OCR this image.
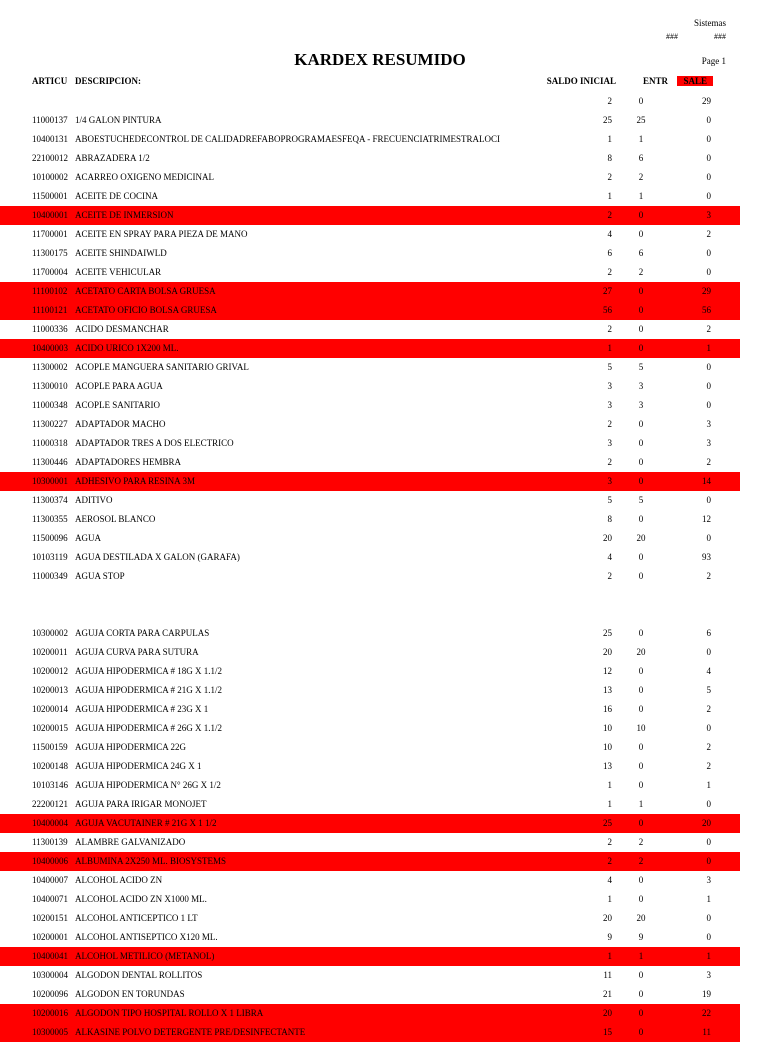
Sistemas
###	###
KARDEX RESUMIDO	Page 1
ARTICU DESCRIPCION:	SALDO INICIAL	ENTR	SALE
2	0	29
11000137 1/4 GALON PINTURA	25	25	0
10400131 ABOESTUCHEDECONTROL DE CALIDADREFABOPROGRAMAESFEQA - FRECUENCIATRIMESTRALOCI	1	1	0
22100012 ABRAZADERA 1/2	8	6	0
10100002 ACARREO OXIGENO MEDICINAL	2	2	0
11500001 ACEITE DE COCINA	1	1	0
10400001 ACEITE DE INMERSION	2	0	3
11700001 ACEITE EN SPRAY PARA PIEZA DE MANO	4	0	2
11300175 ACEITE SHINDAIWLD	6	6	0
11700004 ACEITE VEHICULAR	2	2	0
11100102 ACETATO CARTA BOLSA GRUESA	27	0	29
11100121 ACETATO OFICIO BOLSA GRUESA	56	0	56
11000336 ACIDO DESMANCHAR	2	0	2
10400003 ACIDO URICO 1X200 ML.	1	0	1
11300002 ACOPLE MANGUERA SANITARIO GRIVAL	5	5	0
11300010 ACOPLE PARA AGUA	3	3	0
11000348 ACOPLE SANITARIO	3	3	0
11300227 ADAPTADOR MACHO	2	0	3
11000318 ADAPTADOR TRES A DOS ELECTRICO	3	0	3
11300446 ADAPTADORES HEMBRA	2	0	2
10300001 ADHESIVO PARA RESINA 3M	3	0	14
11300374 ADITIVO	5	5	0
11300355 AEROSOL BLANCO	8	0	12
11500096 AGUA	20	20	0
10103119 AGUA DESTILADA X GALON (GARAFA)	4	0	93
11000349 AGUA STOP	2	0	2
10300002 AGUJA CORTA PARA CARPULAS	25	0	6
10200011 AGUJA CURVA PARA SUTURA	20	20	0
10200012 AGUJA HIPODERMICA # 18G X 1.1/2	12	0	4
10200013 AGUJA HIPODERMICA # 21G X 1.1/2	13	0	5
10200014 AGUJA HIPODERMICA # 23G X 1	16	0	2
10200015 AGUJA HIPODERMICA # 26G X 1.1/2	10	10	0
11500159 AGUJA HIPODERMICA 22G	10	0	2
10200148 AGUJA HIPODERMICA 24G X 1	13	0	2
10103146 AGUJA HIPODERMICA N° 26G X 1/2	1	0	1
22200121 AGUJA PARA IRIGAR MONOJET	1	1	0
10400004 AGUJA VACUTAINER # 21G X 1 1/2	25	0	20
11300139 ALAMBRE GALVANIZADO	2	2	0
10400006 ALBUMINA 2X250 ML. BIOSYSTEMS	2	2	0
10400007 ALCOHOL ACIDO ZN	4	0	3
10400071 ALCOHOL ACIDO ZN X1000 ML.	1	0	1
10200151 ALCOHOL ANTICEPTICO 1 LT	20	20	0
10200001 ALCOHOL ANTISEPTICO X120 ML.	9	9	0
10400041 ALCOHOL METILICO (METANOL)	1	1	1
10300004 ALGODON DENTAL ROLLITOS	11	0	3
10200096 ALGODON EN TORUNDAS	21	0	19
10200016 ALGODON TIPO HOSPITAL ROLLO X 1 LIBRA	20	0	22
10300005 ALKASINE POLVO DETERGENTE PRE/DESINFECTANTE	15	0	11
